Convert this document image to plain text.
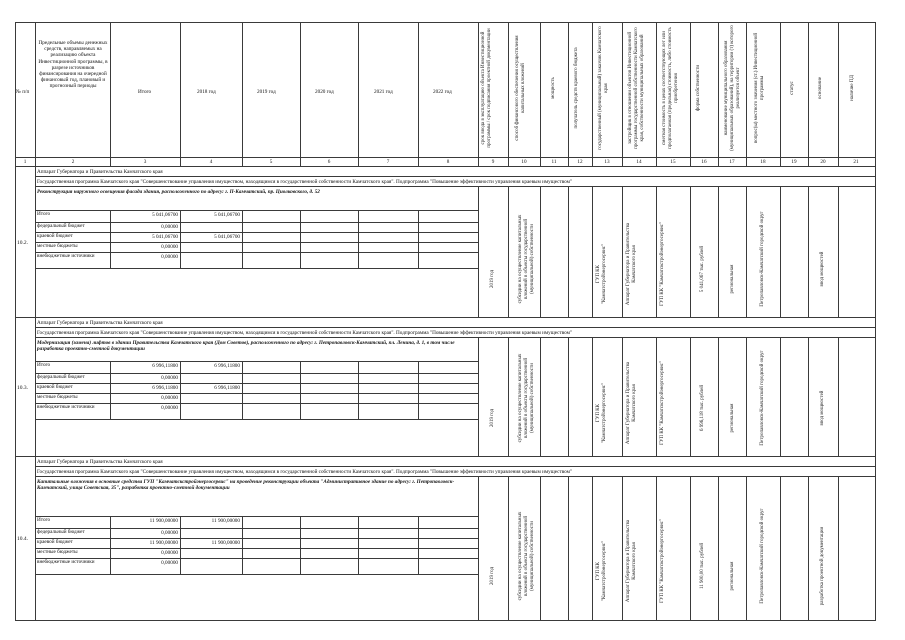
№ п/п
Предельные объемы денежных средств, направляемых на реализацию объекта Инвестиционной программы, в разрезе источников финансирования на очередной финансовый год, плановый и прогнозный периоды
Итого	2018 год	2019 год	2020 год	2021 год	2022 год	срок ввода в эксплуатацию объекта Инвестиционной программы / срок подписания проектной документации	способ финансового обеспечения осуществления капитальных вложений	мощность	получатель средств краевого бюджета	государственный (муниципальный) заказчик Камчатского края	застройщик в отношении объектов Инвестиционной программы государственной собственности Камчатского края, собственности муниципальных образований	сметная стоимость в ценах соответствующих лет или предполагаемая (предельная) стоимость, либо стоимость приобретения	форма собственности	наименование муниципального образования (муниципальных образований), на территории (т) которого реализуется объект	вопрос(ы) местного значения (ст.) Инвестиционной программы	статус	основание	наличие ПД
1	2	3	4	5	6	7	8	9	10	11	12	13	14	15	16	17	18	19	20	21
Аппарат Губернатора и Правительства Камчатского края
Государственная программа Камчатского края "Совершенствование управления имуществом, находящимся в государственной собственности Камчатского края". Подпрограмма "Повышение эффективности управления краевым имуществом"
Реконструкция наружного освещения фасада здания, расположенного по адресу: г. П-Камчатский, пр. Циолковского, д. 52
10.2.
Итого	5 041,06700	5 041,06700
федеральный бюджет	0,00000
краевой бюджет	5 041,06700	5 041,06700
местные бюджеты	0,00000
внебюджетные источники	0,00000
2019 год	субсидии на осуществление капитальных вложений в объекты государственной (муниципальной) собственности	ГУП КК "Камчатстройэнергосервис"	Аппарат Губернатора и Правительства Камчатского края	ГУП КК "Камчатскстройэнергосервис"	5 041,067 тыс. рублей	региональная	Петропавловск-Камчатский городской округ	ввод мощностей
Аппарат Губернатора и Правительства Камчатского края
Государственная программа Камчатского края "Совершенствование управления имуществом, находящимся в государственной собственности Камчатского края". Подпрограмма "Повышение эффективности управления краевым имуществом"
Модернизация (замена) лифтов в здании Правительства Камчатского края (Дом Советов), расположенного по адресу: г. Петропавловск-Камчатский, пл. Ленина, д. 1, в том числе разработка проектно-сметной документации
10.3.
Итого	6 996,11800	6 996,11800
федеральный бюджет	0,00000
краевой бюджет	6 996,11800	6 996,11800
местные бюджеты	0,00000
внебюджетные источники	0,00000
2019 год	субсидии на осуществление капитальных вложений в объекты государственной (муниципальной) собственности	ГУП КК "Камчатстройэнергосервис"	Аппарат Губернатора и Правительства Камчатского края	ГУП КК "Камчатскстройэнергосервис"	6 996,118 тыс. рублей	региональная	Петропавловск-Камчатский городской округ	ввод мощностей
Аппарат Губернатора и Правительства Камчатского края
Государственная программа Камчатского края "Совершенствование управления имуществом, находящимся в государственной собственности Камчатского края". Подпрограмма "Повышение эффективности управления краевым имуществом"
Капитальные вложения в основные средства ГУП "Камчатскстройэнергосервис" на проведение реконструкции объекта "Административное здание по адресу: г. Петропавловск-Камчатский, улица Советская, 35", разработка проектно-сметной документации
10.4.
Итого	11 900,00000	11 900,00000
федеральный бюджет	0,00000
краевой бюджет	11 900,00000	11 900,00000
местные бюджеты	0,00000
внебюджетные источники	0,00000
2019 год	субсидии на осуществление капитальных вложений в объекты государственной (муниципальной) собственности	ГУП КК "Камчатстройэнергосервис"	Аппарат Губернатора и Правительства Камчатского края	ГУП КК "Камчатскстройэнергосервис"	11 900,00 тыс. рублей	региональная	Петропавловск-Камчатский городской округ	разработка проектной документации
